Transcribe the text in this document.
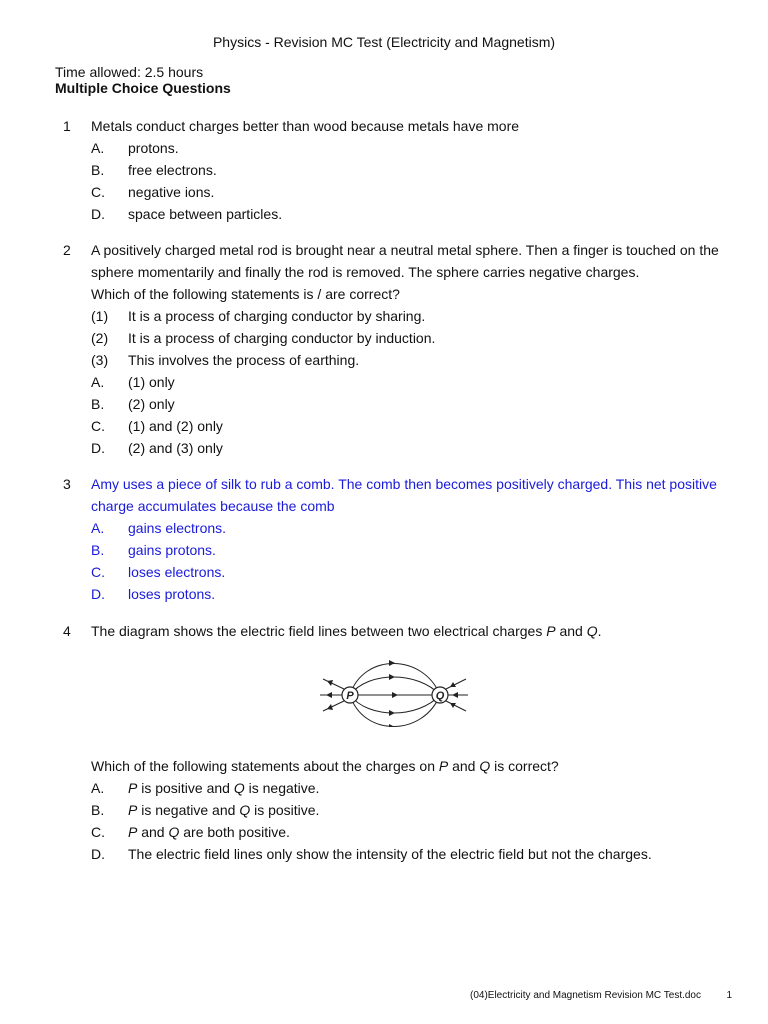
Physics - Revision MC Test (Electricity and Magnetism)
Time allowed: 2.5 hours
Multiple Choice Questions
1 Metals conduct charges better than wood because metals have more
A. protons.
B. free electrons.
C. negative ions.
D. space between particles.
2 A positively charged metal rod is brought near a neutral metal sphere. Then a finger is touched on the
sphere momentarily and finally the rod is removed. The sphere carries negative charges.
Which of the following statements is / are correct?
(1) It is a process of charging conductor by sharing.
(2) It is a process of charging conductor by induction.
(3) This involves the process of earthing.
A. (1) only
B. (2) only
C. (1) and (2) only
D. (2) and (3) only
3 Amy uses a piece of silk to rub a comb. The comb then becomes positively charged. This net positive
charge accumulates because the comb
A. gains electrons.
B. gains protons.
C. loses electrons.
D. loses protons.
4 The diagram shows the electric field lines between two electrical charges P and Q.
P	Q
Which of the following statements about the charges on P and Q is correct?
A. P is positive and Q is negative.
B. P is negative and Q is positive.
C. P and Q are both positive.
D. The electric field lines only show the intensity of the electric field but not the charges.
(04)Electricity and Magnetism Revision MC Test.doc	1
